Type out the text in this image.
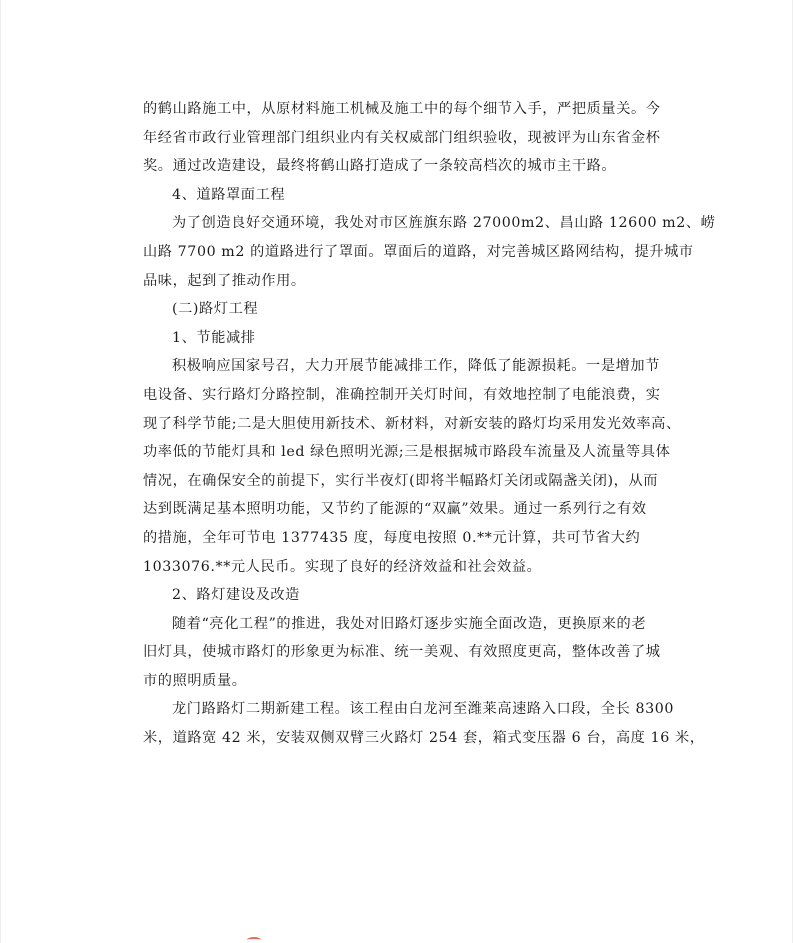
的鹤山路施工中，从原材料施工机械及施工中的每个细节入手，严把质量关。今
年经省市政行业管理部门组织业内有关权威部门组织验收，现被评为山东省金杯
奖。通过改造建设，最终将鹤山路打造成了一条较高档次的城市主干路。
4、道路罩面工程
为了创造良好交通环境，我处对市区旌旗东路 27000m2、昌山路 12600 m2、崂
山路 7700 m2 的道路进行了罩面。罩面后的道路，对完善城区路网结构，提升城市
品味，起到了推动作用。
(二)路灯工程
1、节能减排
积极响应国家号召，大力开展节能减排工作，降低了能源损耗。一是增加节
电设备、实行路灯分路控制，准确控制开关灯时间，有效地控制了电能浪费，实
现了科学节能;二是大胆使用新技术、新材料，对新安装的路灯均采用发光效率高、
功率低的节能灯具和 led 绿色照明光源;三是根据城市路段车流量及人流量等具体
情况，在确保安全的前提下，实行半夜灯(即将半幅路灯关闭或隔盏关闭)，从而
达到既满足基本照明功能，又节约了能源的“双赢”效果。通过一系列行之有效
的措施，全年可节电 1377435 度，每度电按照 0.**元计算，共可节省大约
1033076.**元人民币。实现了良好的经济效益和社会效益。
2、路灯建设及改造
随着“亮化工程”的推进，我处对旧路灯逐步实施全面改造，更换原来的老
旧灯具，使城市路灯的形象更为标准、统一美观、有效照度更高，整体改善了城
市的照明质量。
龙门路路灯二期新建工程。该工程由白龙河至潍莱高速路入口段，全长 8300
米，道路宽 42 米，安装双侧双臂三火路灯 254 套，箱式变压器 6 台，高度 16 米，
